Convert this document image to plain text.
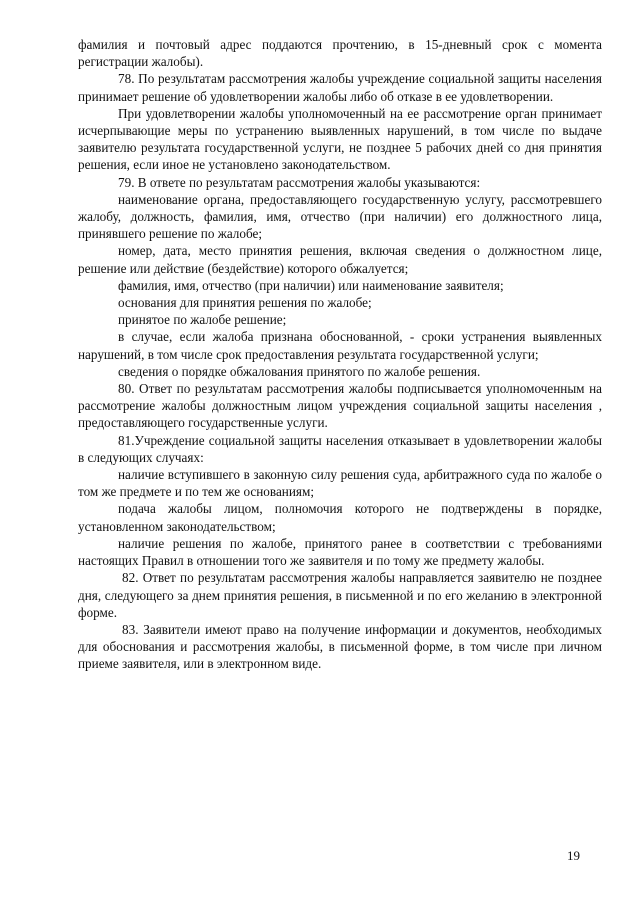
фамилия и почтовый адрес поддаются прочтению, в 15-дневный срок с момента регистрации жалобы).

78. По результатам рассмотрения жалобы учреждение социальной защиты населения принимает решение об удовлетворении жалобы либо об отказе в ее удовлетворении.

При удовлетворении жалобы уполномоченный на ее рассмотрение орган принимает исчерпывающие меры по устранению выявленных нарушений, в том числе по выдаче заявителю результата государственной услуги, не позднее 5 рабочих дней со дня принятия решения, если иное не установлено законодательством.

79. В ответе по результатам рассмотрения жалобы указываются:

наименование органа, предоставляющего государственную услугу, рассмотревшего жалобу, должность, фамилия, имя, отчество (при наличии) его должностного лица, принявшего решение по жалобе;

номер, дата, место принятия решения, включая сведения о должностном лице, решение или действие (бездействие) которого обжалуется;

фамилия, имя, отчество (при наличии) или наименование заявителя;

основания для принятия решения по жалобе;

принятое по жалобе решение;

в случае, если жалоба признана обоснованной, - сроки устранения выявленных нарушений, в том числе срок предоставления результата государственной услуги;

сведения о порядке обжалования принятого по жалобе решения.

80. Ответ по результатам рассмотрения жалобы подписывается уполномоченным на рассмотрение жалобы должностным лицом учреждения социальной защиты населения , предоставляющего государственные услуги.

81.Учреждение социальной защиты населения отказывает в удовлетворении жалобы в следующих случаях:

наличие вступившего в законную силу решения суда, арбитражного суда по жалобе о том же предмете и по тем же основаниям;

подача жалобы лицом, полномочия которого не подтверждены в порядке, установленном законодательством;

наличие решения по жалобе, принятого ранее в соответствии с требованиями настоящих Правил в отношении того же заявителя и по тому же предмету жалобы.

82. Ответ по результатам рассмотрения жалобы направляется заявителю не позднее дня, следующего за днем принятия решения, в письменной и по его желанию в электронной форме.

83. Заявители имеют право на получение информации и документов, необходимых для обоснования и рассмотрения жалобы, в письменной форме, в том числе при личном приеме заявителя, или в электронном виде.

19
